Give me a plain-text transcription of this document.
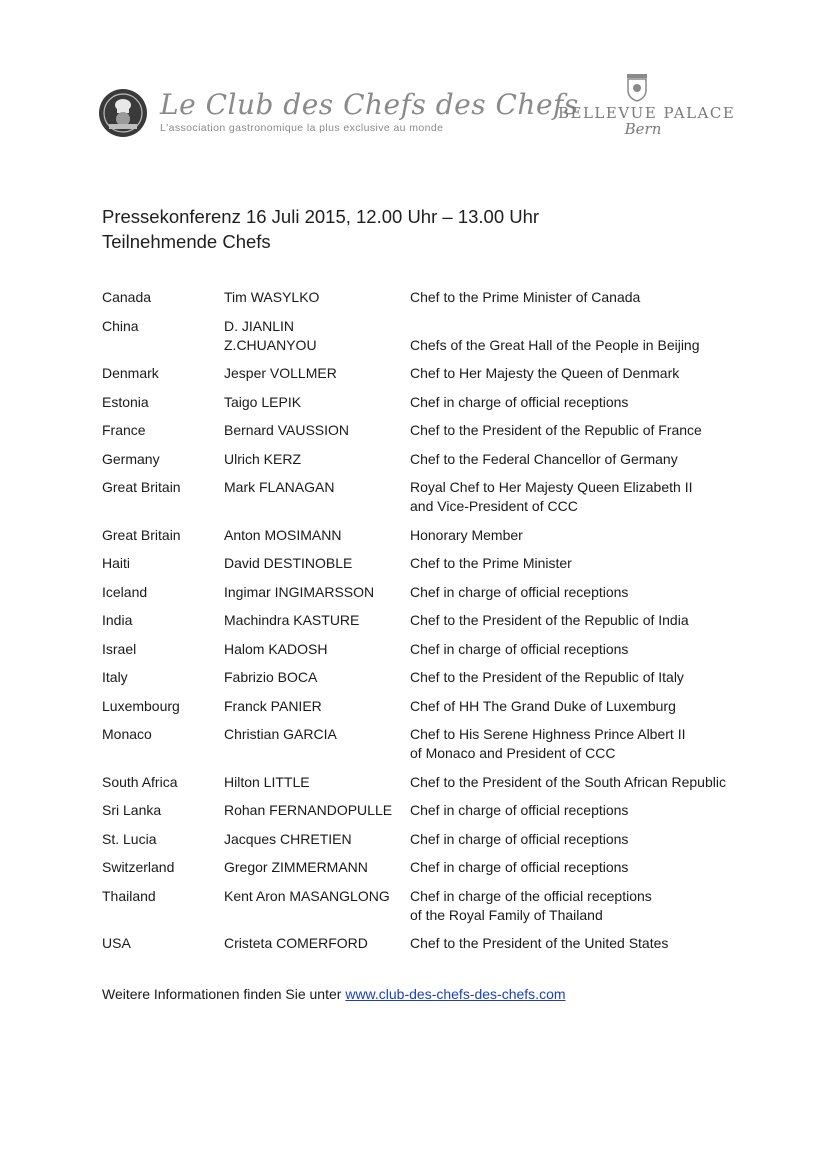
Le Club des Chefs des Chefs
L'association gastronomique la plus exclusive au monde
BELLEVUE PALACE
Bern
Pressekonferenz 16 Juli 2015, 12.00 Uhr – 13.00 Uhr
Teilnehmende Chefs
Canada	Tim WASYLKO	Chef to the Prime Minister of Canada

China	D. JIANLIN
Z.CHUANYOU	Chefs of the Great Hall of the People in Beijing

Denmark	Jesper VOLLMER	Chef to Her Majesty the Queen of Denmark

Estonia	Taigo LEPIK	Chef in charge of official receptions

France	Bernard VAUSSION	Chef to the President of the Republic of France

Germany	Ulrich KERZ	Chef to the Federal Chancellor of Germany

Great Britain	Mark FLANAGAN	Royal Chef to Her Majesty Queen Elizabeth II
and Vice-President of CCC

Great Britain	Anton MOSIMANN	Honorary Member

Haiti	David DESTINOBLE	Chef to the Prime Minister

Iceland	Ingimar INGIMARSSON	Chef in charge of official receptions

India	Machindra KASTURE	Chef to the President of the Republic of India

Israel	Halom KADOSH	Chef in charge of official receptions

Italy	Fabrizio BOCA	Chef to the President of the Republic of Italy

Luxembourg	Franck PANIER	Chef of HH The Grand Duke of Luxemburg

Monaco	Christian GARCIA	Chef to His Serene Highness Prince Albert II
of Monaco and President of CCC

South Africa	Hilton LITTLE	Chef to the President of the South African Republic

Sri Lanka	Rohan FERNANDOPULLE	Chef in charge of official receptions

St. Lucia	Jacques CHRETIEN	Chef in charge of official receptions

Switzerland	Gregor ZIMMERMANN	Chef in charge of official receptions

Thailand	Kent Aron MASANGLONG	Chef in charge of the official receptions
of the Royal Family of Thailand

USA	Cristeta COMERFORD	Chef to the President of the United States
Weitere Informationen finden Sie unter www.club-des-chefs-des-chefs.com
